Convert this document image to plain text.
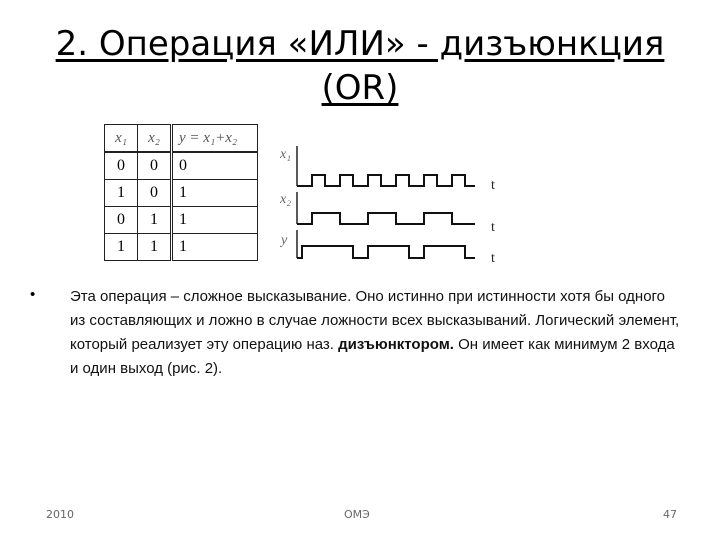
2. Операция «ИЛИ» - дизъюнкция
(OR)
x₁	x₂	y = x₁+x₂
0	0	0
1	0	1
0	1	1
1	1	1
x₁
t
x₂
t
y
t
• Эта операция – сложное высказывание. Оно истинно при истинности хотя бы одного из составляющих и ложно в случае ложности всех высказываний. Логический элемент, который реализует эту операцию наз. дизъюнктором. Он имеет как минимум 2 входа и один выход (рис. 2).
2010	ОМЭ	47
